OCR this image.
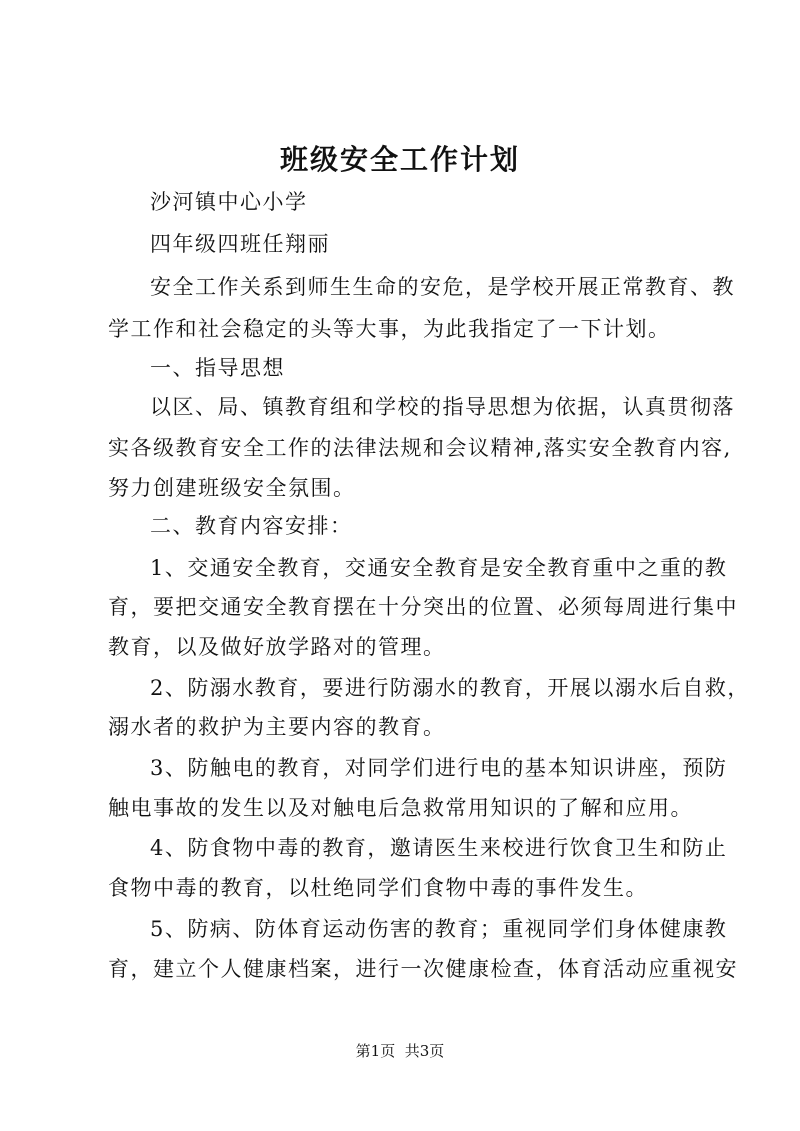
班级安全工作计划
沙河镇中心小学
四年级四班任翔丽
安全工作关系到师生生命的安危，是学校开展正常教育、教
学工作和社会稳定的头等大事，为此我指定了一下计划。
一、指导思想
以区、局、镇教育组和学校的指导思想为依据，认真贯彻落
实各级教育安全工作的法律法规和会议精神,落实安全教育内容,
努力创建班级安全氛围。
二、教育内容安排：
1、交通安全教育，交通安全教育是安全教育重中之重的教
育，要把交通安全教育摆在十分突出的位置、必须每周进行集中
教育，以及做好放学路对的管理。
2、防溺水教育，要进行防溺水的教育，开展以溺水后自救，
溺水者的救护为主要内容的教育。
3、防触电的教育，对同学们进行电的基本知识讲座，预防
触电事故的发生以及对触电后急救常用知识的了解和应用。
4、防食物中毒的教育，邀请医生来校进行饮食卫生和防止
食物中毒的教育，以杜绝同学们食物中毒的事件发生。
5、防病、防体育运动伤害的教育；重视同学们身体健康教
育，建立个人健康档案，进行一次健康检查，体育活动应重视安
第1页 共3页
